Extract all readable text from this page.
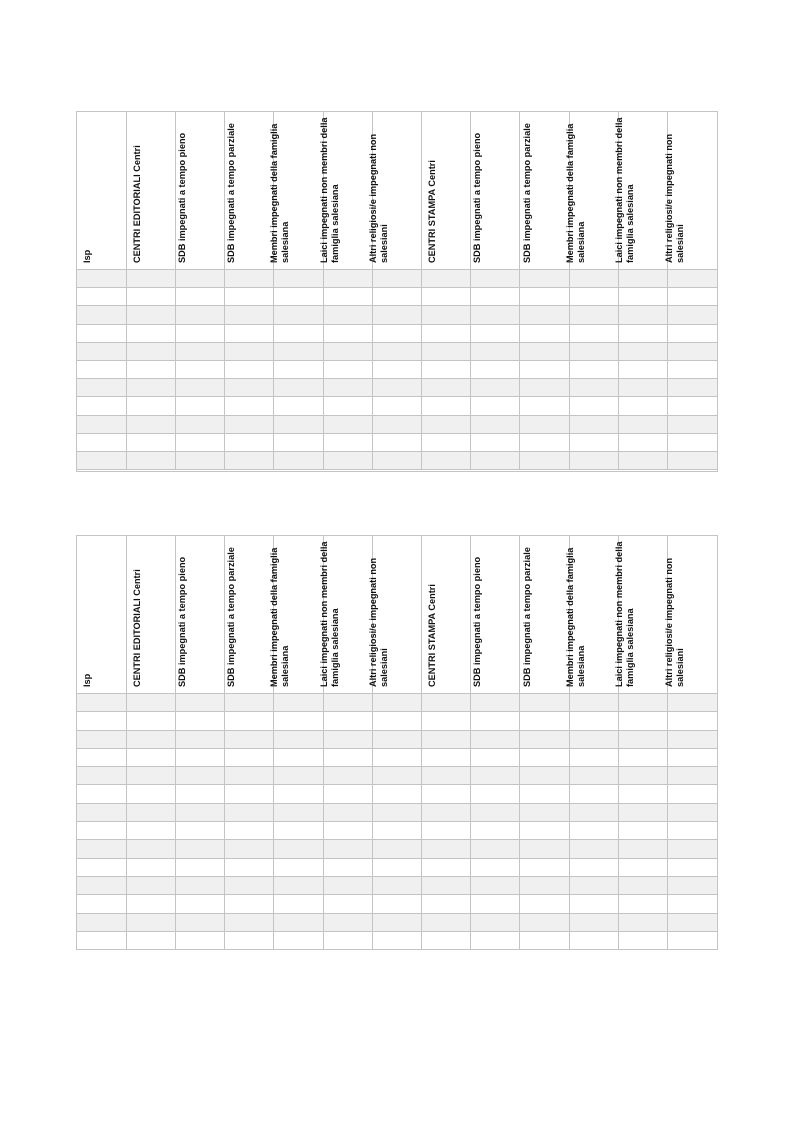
Isp	CENTRI EDITORIALI Centri	SDB impegnati a tempo pieno	SDB impegnati a tempo parziale	Membri impegnati della famiglia salesiana	Laici impegnati non membri della famiglia salesiana	Altri religiosi/e impegnati non salesiani	CENTRI STAMPA Centri	SDB impegnati a tempo pieno	SDB impegnati a tempo parziale	Membri impegnati della famiglia salesiana	Laici impegnati non membri della famiglia salesiana	Altri religiosi/e impegnati non salesiani

Isp	CENTRI EDITORIALI Centri	SDB impegnati a tempo pieno	SDB impegnati a tempo parziale	Membri impegnati della famiglia salesiana	Laici impegnati non membri della famiglia salesiana	Altri religiosi/e impegnati non salesiani	CENTRI STAMPA Centri	SDB impegnati a tempo pieno	SDB impegnati a tempo parziale	Membri impegnati della famiglia salesiana	Laici impegnati non membri della famiglia salesiana	Altri religiosi/e impegnati non salesiani
